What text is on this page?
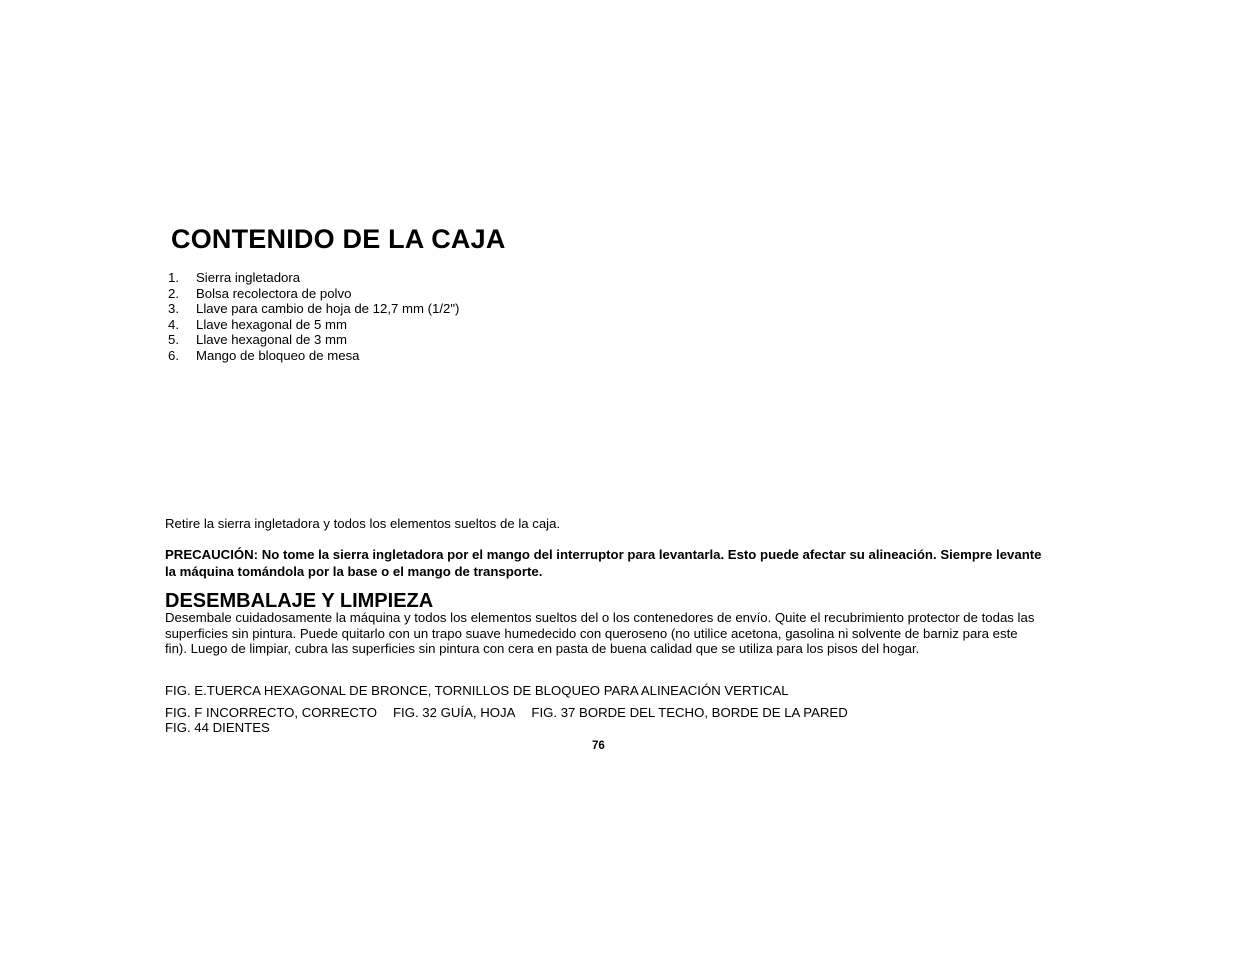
CONTENIDO DE LA CAJA
1.	Sierra ingletadora
2.	Bolsa recolectora de polvo
3.	Llave para cambio de hoja de 12,7 mm (1/2")
4.	Llave hexagonal de 5 mm
5.	Llave hexagonal de 3 mm
6.	Mango de bloqueo de mesa
Retire la sierra ingletadora y todos los elementos sueltos de la caja.
PRECAUCIÓN: No tome la sierra ingletadora por el mango del interruptor para levantarla. Esto puede afectar su alineación. Siempre levante la máquina tomándola por la base o el mango de transporte.
DESEMBALAJE Y LIMPIEZA
Desembale cuidadosamente la máquina y todos los elementos sueltos del o los contenedores de envío. Quite el recubrimiento protector de todas las superficies sin pintura. Puede quitarlo con un trapo suave humedecido con queroseno (no utilice acetona, gasolina ni solvente de barniz para este fin). Luego de limpiar, cubra las superficies sin pintura con cera en pasta de buena calidad que se utiliza para los pisos del hogar.
FIG. E.TUERCA HEXAGONAL DE BRONCE, TORNILLOS DE BLOQUEO PARA ALINEACIÓN VERTICAL
FIG. F INCORRECTO, CORRECTO FIG. 32 GUÍA, HOJA FIG. 37 BORDE DEL TECHO, BORDE DE LA PARED
FIG. 44 DIENTES
76
